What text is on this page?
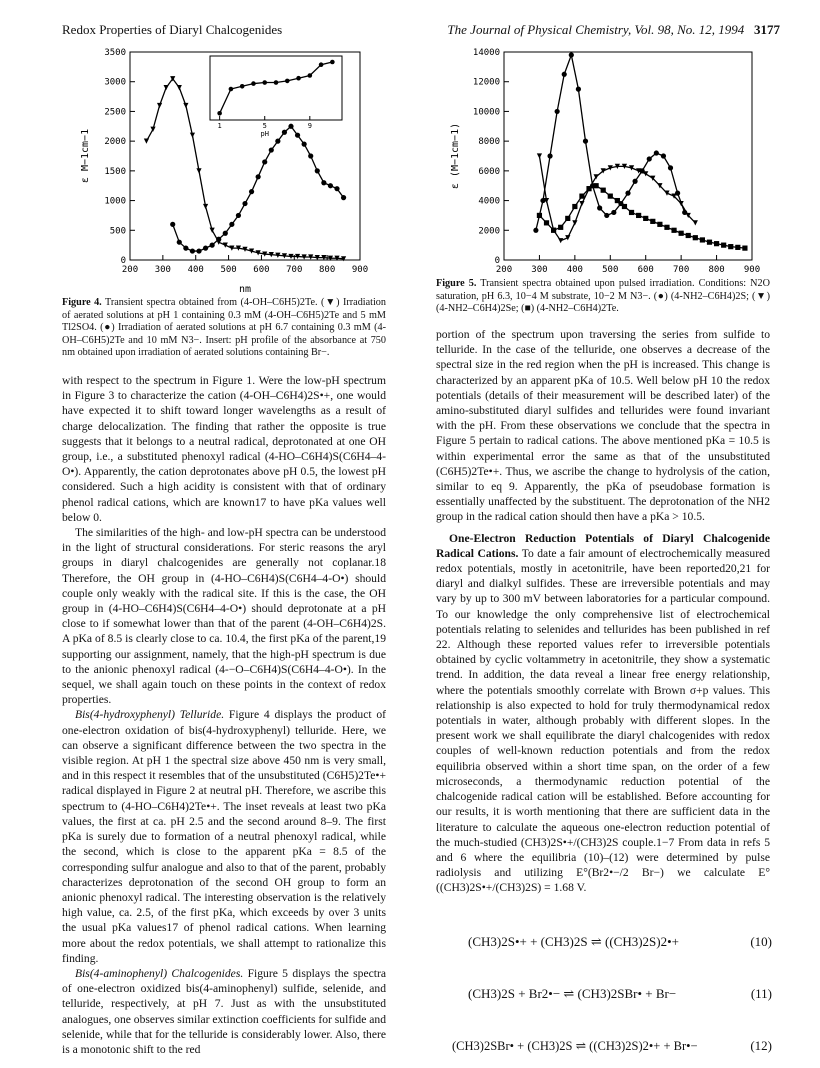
Redox Properties of Diaryl Chalcogenides	The Journal of Physical Chemistry, Vol. 98, No. 12, 1994 3177
200 300 400 500 600 700 800 900
0
500
1000
1500
2000
2500
3000
3500
nm
ε M−1cm−1
1	5	9
pH
Figure 4. Transient spectra obtained from (4-OH–C6H5)2Te. (▼) Irradiation of aerated solutions at pH 1 containing 0.3 mM (4-OH–C6H5)2Te and 5 mM Tl2SO4. (●) Irradiation of aerated solutions at pH 6.7 containing 0.3 mM (4-OH–C6H5)2Te and 10 mM N3−. Insert: pH profile of the absorbance at 750 nm obtained upon irradiation of aerated solutions containing Br−.
200 300 400 500 600 700 800 900
0
2000
4000
6000
8000
10000
12000
14000
ε (M−1cm−1)
Figure 5. Transient spectra obtained upon pulsed irradiation. Conditions: N2O saturation, pH 6.3, 10−4 M substrate, 10−2 M N3−. (●) (4-NH2–C6H4)2S; (▼) (4-NH2–C6H4)2Se; (■) (4-NH2–C6H4)2Te.

with respect to the spectrum in Figure 1. Were the low-pH spectrum in Figure 3 to characterize the cation (4-OH–C6H4)2S•+, one would have expected it to shift toward longer wavelengths as a result of charge delocalization. The finding that rather the opposite is true suggests that it belongs to a neutral radical, deprotonated at one OH group, i.e., a substituted phenoxyl radical (4-HO–C6H4)S(C6H4–4-O•). Apparently, the cation deprotonates above pH 0.5, the lowest pH considered. Such a high acidity is consistent with that of ordinary phenol radical cations, which are known17 to have pKa values well below 0.

The similarities of the high- and low-pH spectra can be understood in the light of structural considerations. For steric reasons the aryl groups in diaryl chalcogenides are generally not coplanar.18 Therefore, the OH group in (4-HO–C6H4)S(C6H4–4-O•) should couple only weakly with the radical site. If this is the case, the OH group in (4-HO–C6H4)S(C6H4–4-O•) should deprotonate at a pH close to if somewhat lower than that of the parent (4-OH–C6H4)2S. A pKa of 8.5 is clearly close to ca. 10.4, the first pKa of the parent,19 supporting our assignment, namely, that the high-pH spectrum is due to the anionic phenoxyl radical (4-−O–C6H4)S(C6H4–4-O•). In the sequel, we shall again touch on these points in the context of redox properties.

Bis(4-hydroxyphenyl) Telluride. Figure 4 displays the product of one-electron oxidation of bis(4-hydroxyphenyl) telluride. Here, we can observe a significant difference between the two spectra in the visible region. At pH 1 the spectral size above 450 nm is very small, and in this respect it resembles that of the unsubstituted (C6H5)2Te•+ radical displayed in Figure 2 at neutral pH. Therefore, we ascribe this spectrum to (4-HO–C6H4)2Te•+. The inset reveals at least two pKa values, the first at ca. pH 2.5 and the second around 8–9. The first pKa is surely due to formation of a neutral phenoxyl radical, while the second, which is close to the apparent pKa = 8.5 of the corresponding sulfur analogue and also to that of the parent, probably characterizes deprotonation of the second OH group to form an anionic phenoxyl radical. The interesting observation is the relatively high value, ca. 2.5, of the first pKa, which exceeds by over 3 units the usual pKa values17 of phenol radical cations. When learning more about the redox potentials, we shall attempt to rationalize this finding.

Bis(4-aminophenyl) Chalcogenides. Figure 5 displays the spectra of one-electron oxidized bis(4-aminophenyl) sulfide, selenide, and telluride, respectively, at pH 7. Just as with the unsubstituted analogues, one observes similar extinction coefficients for sulfide and selenide, while that for the telluride is considerably lower. Also, there is a monotonic shift to the red

portion of the spectrum upon traversing the series from sulfide to telluride. In the case of the telluride, one observes a decrease of the spectral size in the red region when the pH is increased. This change is characterized by an apparent pKa of 10.5. Well below pH 10 the redox potentials (details of their measurement will be described later) of the amino-substituted diaryl sulfides and tellurides were found invariant with the pH. From these observations we conclude that the spectra in Figure 5 pertain to radical cations. The above mentioned pKa = 10.5 is within experimental error the same as that of the unsubstituted (C6H5)2Te•+. Thus, we ascribe the change to hydrolysis of the cation, similar to eq 9. Apparently, the pKa of pseudobase formation is essentially unaffected by the substituent. The deprotonation of the NH2 group in the radical cation should then have a pKa > 10.5.

One-Electron Reduction Potentials of Diaryl Chalcogenide Radical Cations. To date a fair amount of electrochemically measured redox potentials, mostly in acetonitrile, have been reported20,21 for diaryl and dialkyl sulfides. These are irreversible potentials and may vary by up to 300 mV between laboratories for a particular compound. To our knowledge the only comprehensive list of electrochemical potentials relating to selenides and tellurides has been published in ref 22. Although these reported values refer to irreversible potentials obtained by cyclic voltammetry in acetonitrile, they show a systematic trend. In addition, the data reveal a linear free energy relationship, where the potentials smoothly correlate with Brown σ+p values. This relationship is also expected to hold for truly thermodynamical redox potentials in water, although probably with different slopes. In the present work we shall equilibrate the diaryl chalcogenides with redox couples of well-known reduction potentials and from the redox equilibria observed within a short time span, on the order of a few microseconds, a thermodynamic reduction potential of the chalcogenide radical cation will be established. Before accounting for our results, it is worth mentioning that there are sufficient data in the literature to calculate the aqueous one-electron reduction potential of the much-studied (CH3)2S•+/(CH3)2S couple.1−7 From data in refs 5 and 6 where the equilibria (10)–(12) were determined by pulse radiolysis and utilizing E°(Br2•−/2 Br−) we calculate E°((CH3)2S•+/(CH3)2S) = 1.68 V.

(CH3)2S•+ + (CH3)2S ⇌ ((CH3)2S)2•+	(10)
(CH3)2S + Br2•− ⇌ (CH3)2SBr• + Br−	(11)
(CH3)2SBr• + (CH3)2S ⇌ ((CH3)2S)2•+ + Br•−	(12)
